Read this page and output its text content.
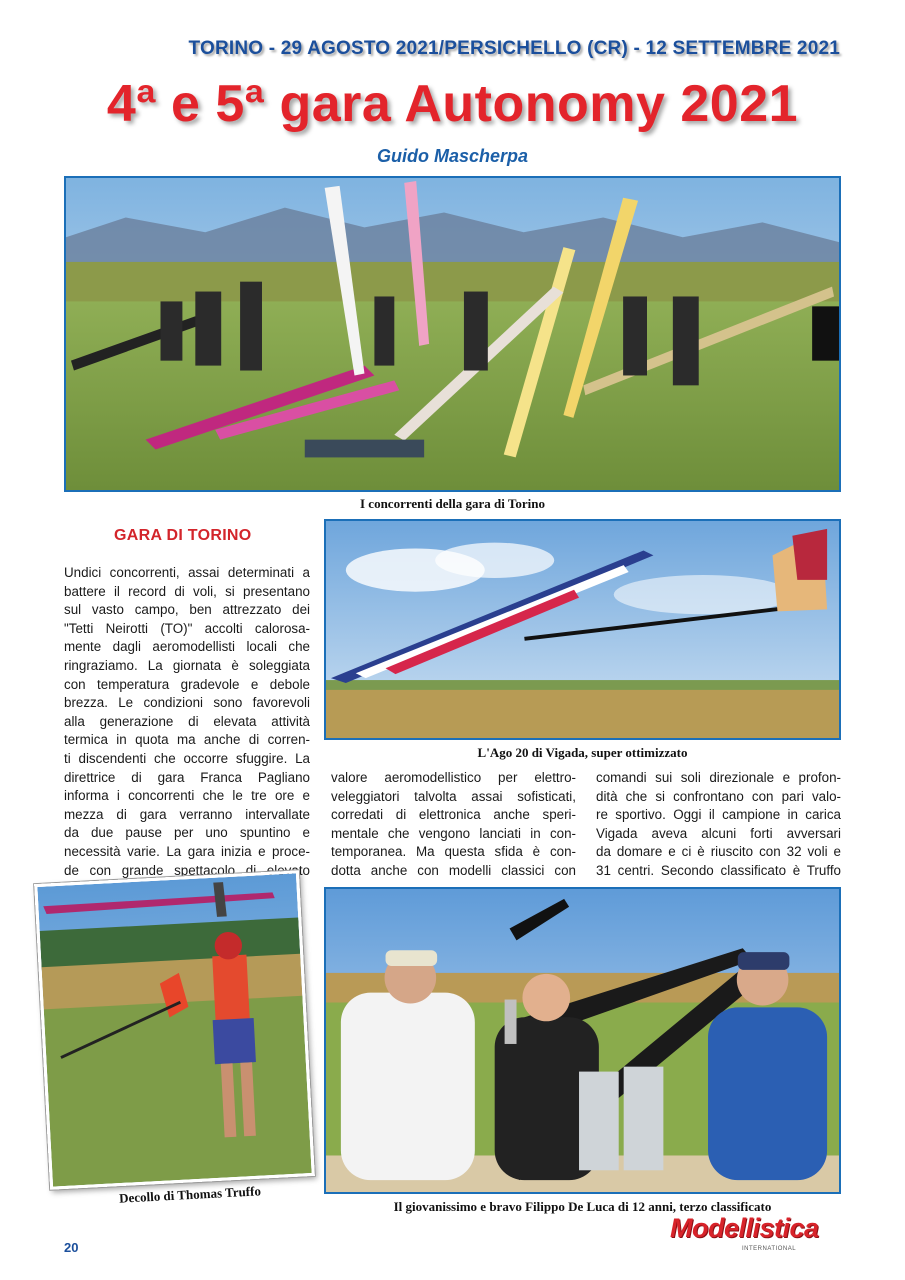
TORINO - 29 AGOSTO 2021/PERSICHELLO (CR) - 12 SETTEMBRE 2021
4ª e 5ª gara Autonomy 2021
Guido Mascherpa
I concorrenti della gara di Torino
GARA DI TORINO
Undici concorrenti, assai determinati a
battere il record di voli, si presentano
sul vasto campo, ben attrezzato dei
"Tetti Neirotti (TO)" accolti calorosa-
mente dagli aeromodellisti locali che
ringraziamo. La giornata è soleggiata
con temperatura gradevole e debole
brezza. Le condizioni sono favorevoli
alla generazione di elevata attività
termica in quota ma anche di corren-
ti discendenti che occorre sfuggire. La
direttrice di gara Franca Pagliano
informa i concorrenti che le tre ore e
mezza di gara verranno intervallate
da due pause per uno spuntino e
necessità varie. La gara inizia e proce-
de con grande spettacolo di elevato
L'Ago 20 di Vigada, super ottimizzato
valore aeromodellistico per elettro-
veleggiatori talvolta assai sofisticati,
corredati di elettronica anche speri-
mentale che vengono lanciati in con-
temporanea. Ma questa sfida è con-
dotta anche con modelli classici con
comandi sui soli direzionale e profon-
dità che si confrontano con pari valo-
re sportivo. Oggi il campione in carica
Vigada aveva alcuni forti avversari
da domare e ci è riuscito con 32 voli e
31 centri. Secondo classificato è Truffo
Decollo di Thomas Truffo
Il giovanissimo e bravo Filippo De Luca di 12 anni, terzo classificato
20
Modellistica
INTERNATIONAL
